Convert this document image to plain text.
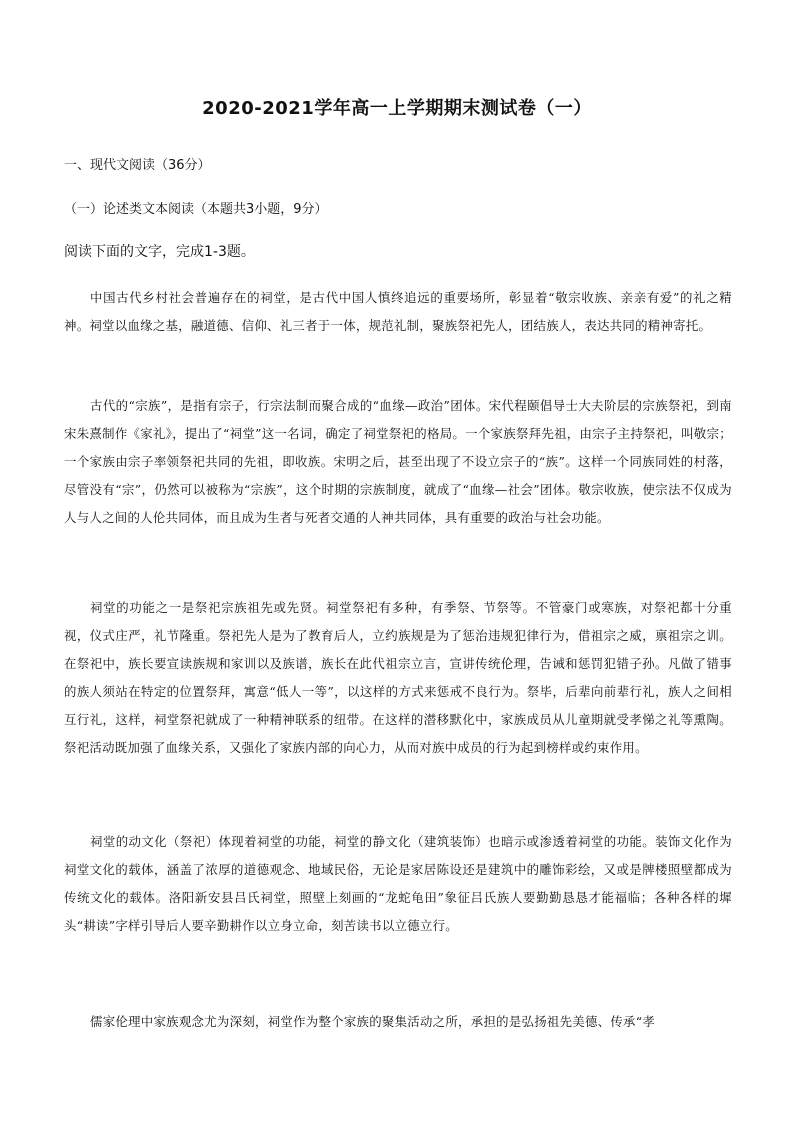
2020-2021学年高一上学期期末测试卷（一）
一、现代文阅读（36分）
（一）论述类文本阅读（本题共3小题，9分）
阅读下面的文字，完成1-3题。
中国古代乡村社会普遍存在的祠堂，是古代中国人慎终追远的重要场所，彰显着“敬宗收族、亲亲有爱”的礼之精神。祠堂以血缘之基，融道德、信仰、礼三者于一体，规范礼制，聚族祭祀先人，团结族人，表达共同的精神寄托。
古代的“宗族”，是指有宗子，行宗法制而聚合成的“血缘—政治”团体。宋代程颐倡导士大夫阶层的宗族祭祀，到南宋朱熹制作《家礼》，提出了“祠堂”这一名词，确定了祠堂祭祀的格局。一个家族祭拜先祖，由宗子主持祭祀，叫敬宗；一个家族由宗子率领祭祀共同的先祖，即收族。宋明之后，甚至出现了不设立宗子的“族”。这样一个同族同姓的村落，尽管没有“宗”，仍然可以被称为“宗族”，这个时期的宗族制度，就成了“血缘—社会”团体。敬宗收族，使宗法不仅成为人与人之间的人伦共同体，而且成为生者与死者交通的人神共同体，具有重要的政治与社会功能。
祠堂的功能之一是祭祀宗族祖先或先贤。祠堂祭祀有多种，有季祭、节祭等。不管豪门或寒族，对祭祀都十分重视，仪式庄严，礼节隆重。祭祀先人是为了教育后人，立约族规是为了惩治违规犯律行为，借祖宗之威，禀祖宗之训。在祭祀中，族长要宣读族规和家训以及族谱，族长在此代祖宗立言，宣讲传统伦理，告诫和惩罚犯错子孙。凡做了错事的族人须站在特定的位置祭拜，寓意“低人一等”，以这样的方式来惩戒不良行为。祭毕，后辈向前辈行礼，族人之间相互行礼，这样，祠堂祭祀就成了一种精神联系的纽带。在这样的潜移默化中，家族成员从儿童期就受孝悌之礼等熏陶。祭祀活动既加强了血缘关系，又强化了家族内部的向心力，从而对族中成员的行为起到榜样或约束作用。
祠堂的动文化（祭祀）体现着祠堂的功能，祠堂的静文化（建筑装饰）也暗示或渗透着祠堂的功能。装饰文化作为祠堂文化的载体，涵盖了浓厚的道德观念、地域民俗，无论是家居陈设还是建筑中的雕饰彩绘，又或是牌楼照壁都成为传统文化的载体。洛阳新安县吕氏祠堂，照壁上刻画的“龙蛇龟田”象征吕氏族人要勤勤恳恳才能福临；各种各样的墀头“耕读”字样引导后人要辛勤耕作以立身立命，刻苦读书以立德立行。
儒家伦理中家族观念尤为深刻，祠堂作为整个家族的聚集活动之所，承担的是弘扬祖先美德、传承“孝
